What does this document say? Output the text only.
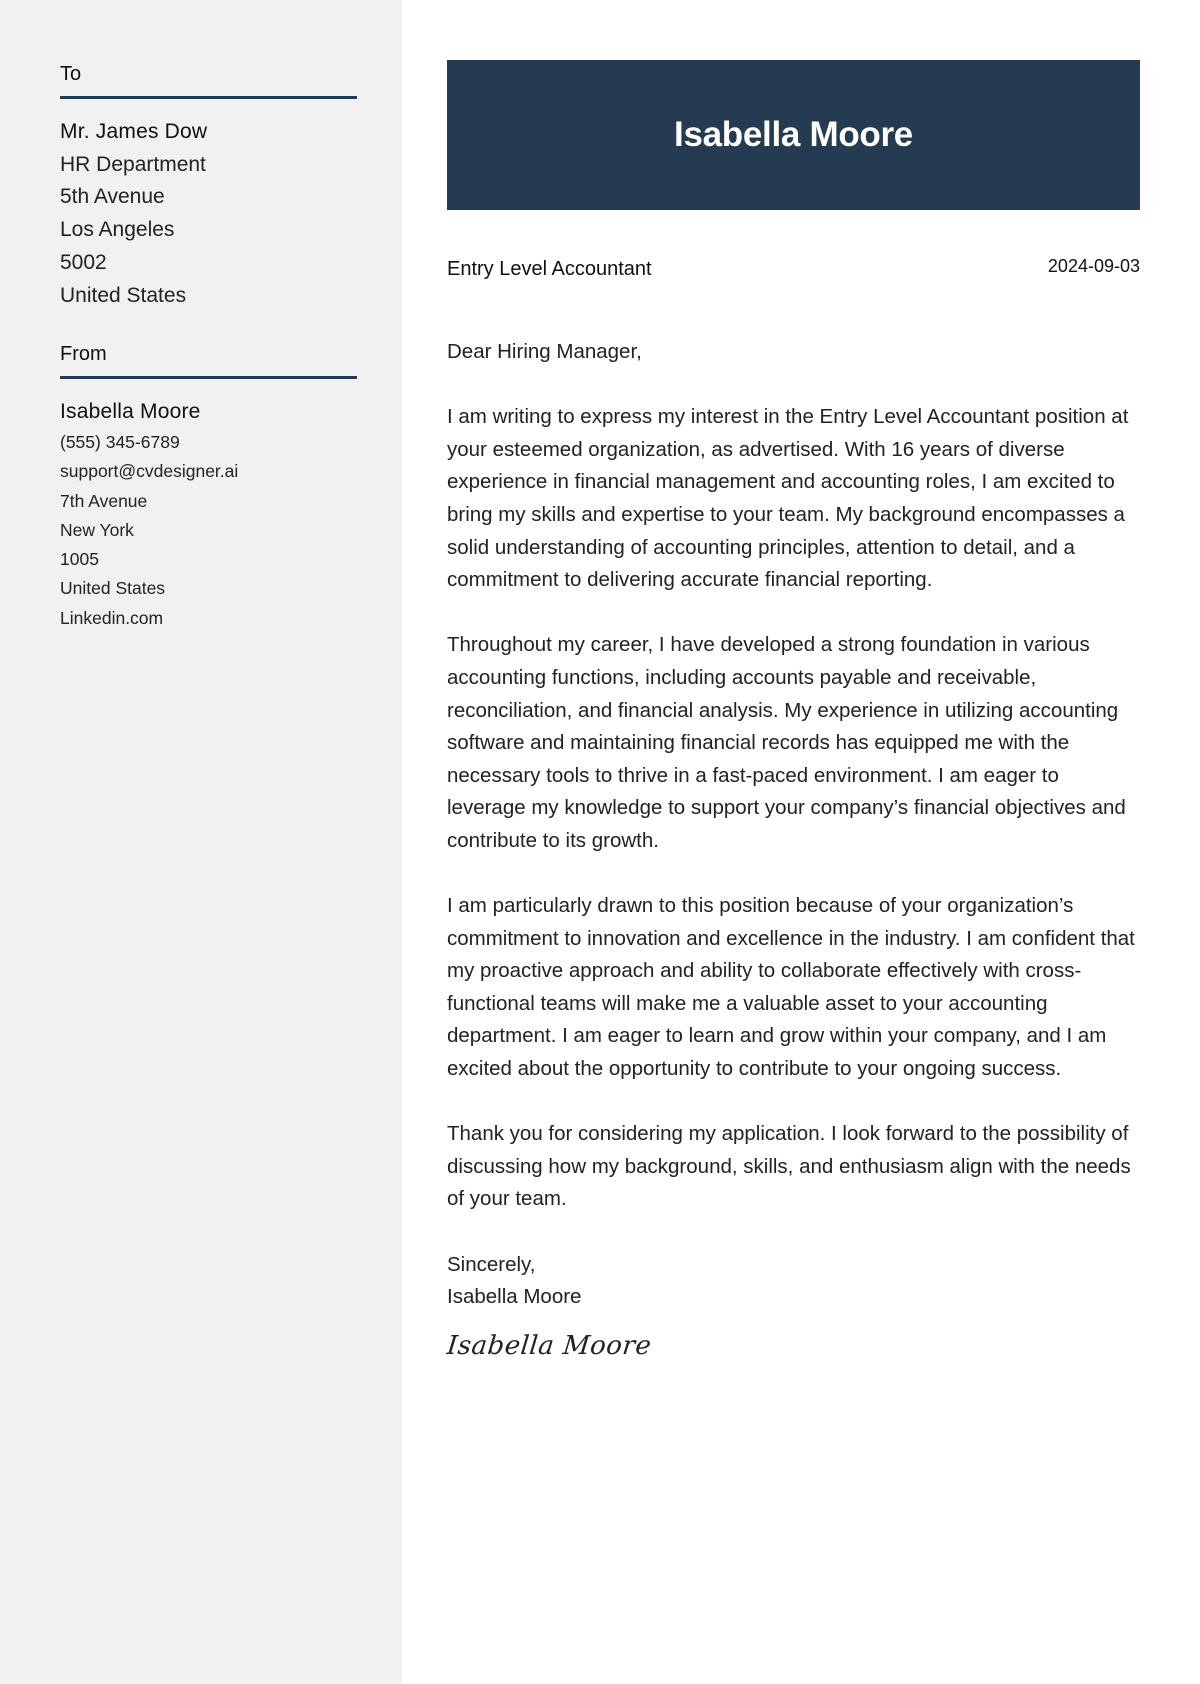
To
Mr. James Dow
HR Department
5th Avenue
Los Angeles
5002
United States
From
Isabella Moore
(555) 345-6789
support@cvdesigner.ai
7th Avenue
New York
1005
United States
Linkedin.com
Isabella Moore
Entry Level Accountant	2024-09-03

Dear Hiring Manager,

I am writing to express my interest in the Entry Level Accountant position at your esteemed organization, as advertised. With 16 years of diverse experience in financial management and accounting roles, I am excited to bring my skills and expertise to your team. My background encompasses a solid understanding of accounting principles, attention to detail, and a commitment to delivering accurate financial reporting.

Throughout my career, I have developed a strong foundation in various accounting functions, including accounts payable and receivable, reconciliation, and financial analysis. My experience in utilizing accounting software and maintaining financial records has equipped me with the necessary tools to thrive in a fast-paced environment. I am eager to leverage my knowledge to support your company’s financial objectives and contribute to its growth.

I am particularly drawn to this position because of your organization’s commitment to innovation and excellence in the industry. I am confident that my proactive approach and ability to collaborate effectively with cross-functional teams will make me a valuable asset to your accounting department. I am eager to learn and grow within your company, and I am excited about the opportunity to contribute to your ongoing success.

Thank you for considering my application. I look forward to the possibility of discussing how my background, skills, and enthusiasm align with the needs of your team.

Sincerely,
Isabella Moore
Isabella Moore
